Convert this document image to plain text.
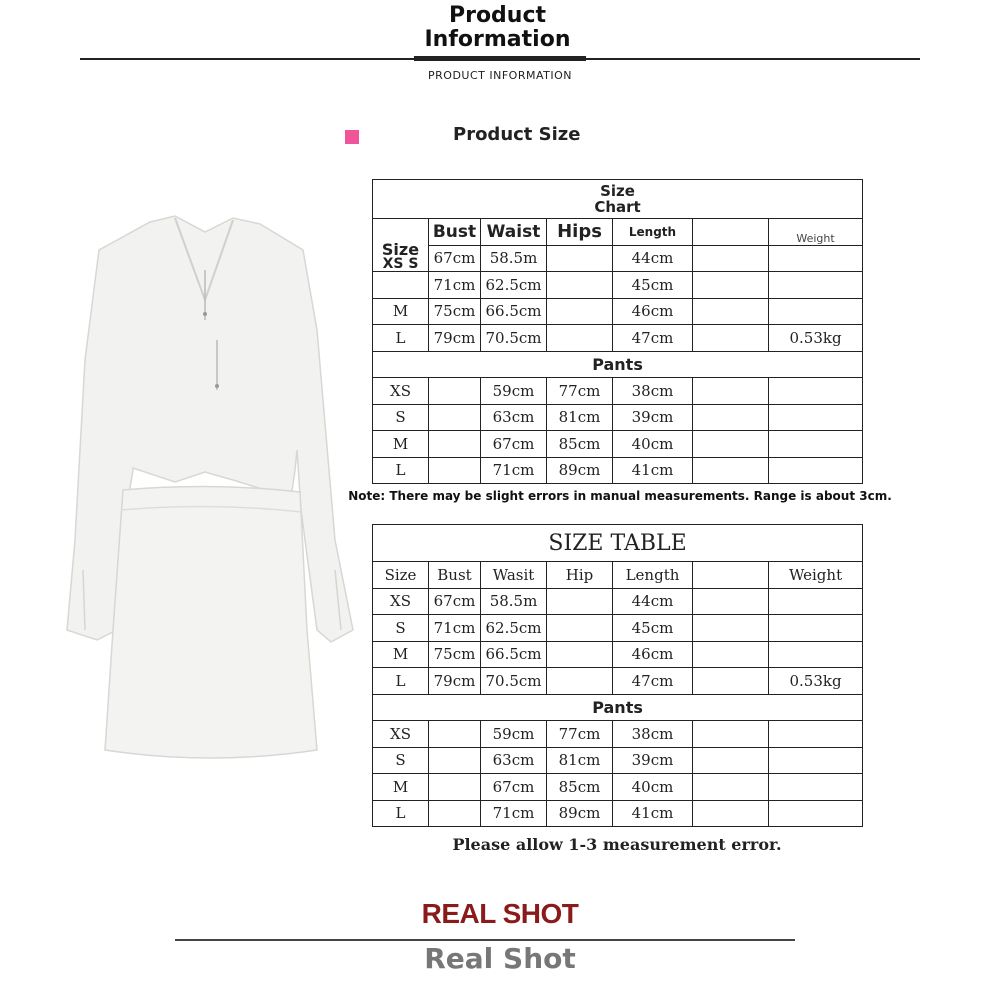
Product
Information
PRODUCT INFORMATION
Product Size
Size
Chart						

Size
XS S	Bust	Waist	Hips	Length		Weight
	67cm	58.5m		44cm		
	71cm	62.5cm		45cm		
M	75cm	66.5cm		46cm		
L	79cm	70.5cm		47cm		0.53kg
Pants						
XS		59cm	77cm	38cm		
S		63cm	81cm	39cm		
M		67cm	85cm	40cm		
L		71cm	89cm	41cm		
Note: There may be slight errors in manual measurements. Range is about 3cm.
SIZE TABLE						
Size	Bust	Wasit	Hip	Length		Weight
XS	67cm	58.5m		44cm		
S	71cm	62.5cm		45cm		
M	75cm	66.5cm		46cm		
L	79cm	70.5cm		47cm		0.53kg
Pants						
XS		59cm	77cm	38cm		
S		63cm	81cm	39cm		
M		67cm	85cm	40cm		
L		71cm	89cm	41cm		
Please allow 1-3 measurement error.
REAL SHOT
Real Shot
